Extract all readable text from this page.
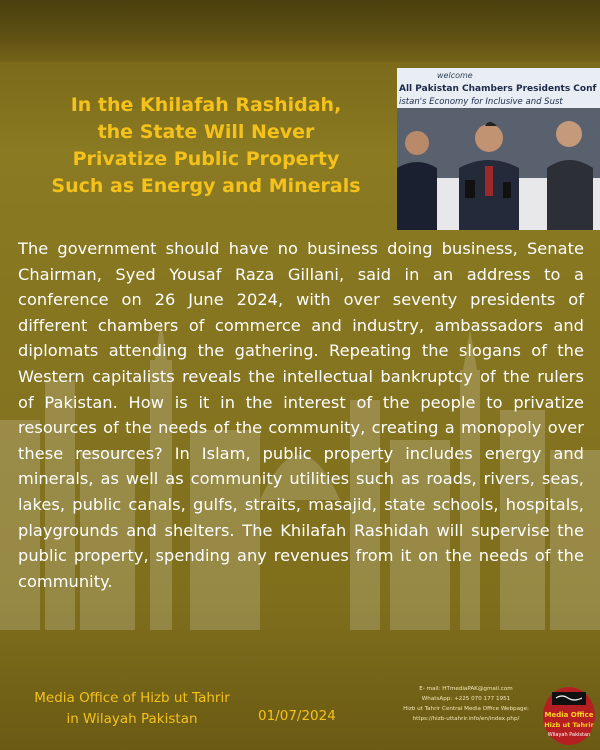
In the Khilafah Rashidah,
the State Will Never
Privatize Public Property
Such as Energy and Minerals
welcome
All Pakistan Chambers Presidents Conf
istan's Economy for Inclusive and Sust
The government should have no business doing business, Senate Chairman, Syed Yousaf Raza Gillani, said in an address to a conference on 26 June 2024, with over seventy presidents of different chambers of commerce and industry, ambassadors and diplomats attending the gathering. Repeating the slogans of the Western capitalists reveals the intellectual bankruptcy of the rulers of Pakistan. How is it in the interest of the people to privatize resources of the needs of the community, creating a monopoly over these resources? In Islam, public property includes energy and minerals, as well as community utilities such as roads, rivers, seas, lakes, public canals, gulfs, straits, masajid, state schools, hospitals, playgrounds and shelters. The Khilafah Rashidah will supervise the public property, spending any revenues from it on the needs of the community.
Media Office of Hizb ut Tahrir
in Wilayah Pakistan	01/07/2024
E- mail: HTmediaPAK@gmail.com
WhatsApp: +225 070 177 1951
Hizb ut Tahrir Central Media Office Webpage:
https://hizb-uttahrir.info/en/index.php/	Media Office
Hizb ut Tahrir
Wilayah Pakistan
